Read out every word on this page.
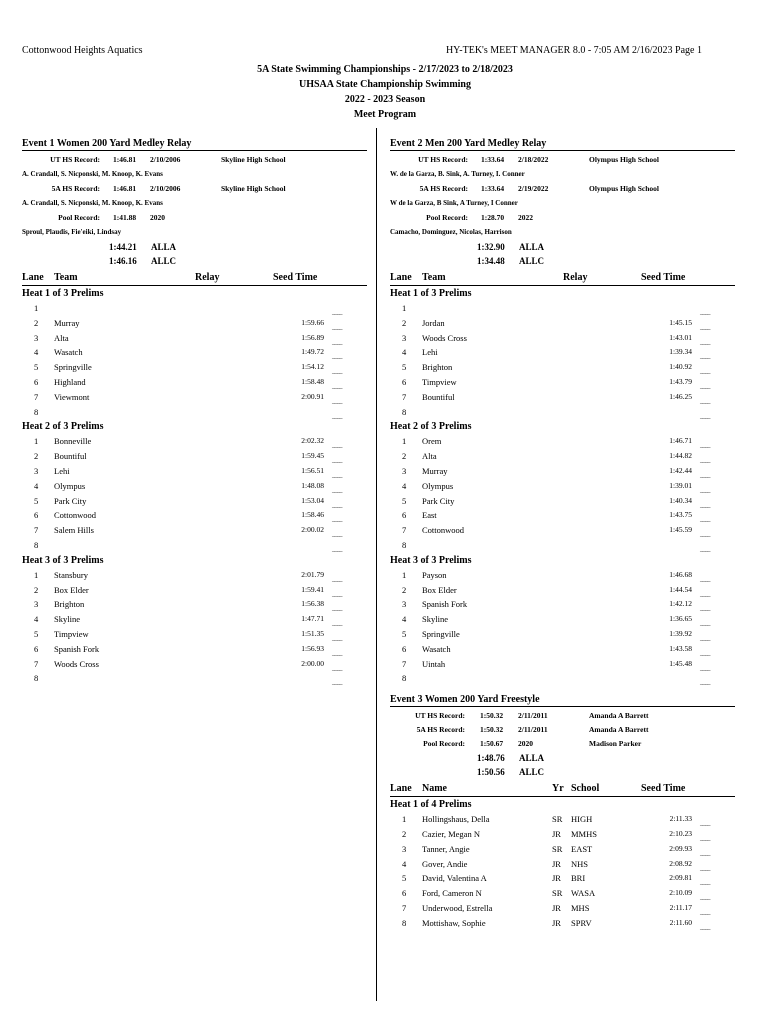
Cottonwood Heights Aquatics	HY-TEK's MEET MANAGER 8.0 - 7:05 AM 2/16/2023 Page 1
5A State Swimming Championships - 2/17/2023 to 2/18/2023
UHSAA State Championship Swimming
2022 - 2023 Season
Meet Program
Event 1 Women 200 Yard Medley Relay
UT HS Record: 1:46.81 2/10/2006	Skyline High School
A. Crandall, S. Nicponski, M. Knoop, K. Evans
5A HS Record: 1:46.81 2/10/2006	Skyline High School
A. Crandall, S. Nicponski, M. Knoop, K. Evans
Pool Record: 1:41.88 2020
Sproul, Plaudis, Fie'eiki, Lindsay
1:44.21 ALLA
1:46.16 ALLC
Lane Team	Relay	Seed Time
Heat 1 of 3 Prelims
1
____
2 Murray	1:59.66
____
3 Alta	1:56.89
____
4 Wasatch	1:49.72
____
5 Springville	1:54.12
____
6 Highland	1:58.48
____
7 Viewmont	2:00.91
____
8
____
Heat 2 of 3 Prelims
1 Bonneville	2:02.32
____
2 Bountiful	1:59.45
____
3 Lehi	1:56.51
____
4 Olympus	1:48.08
____
5 Park City	1:53.04
____
6 Cottonwood	1:58.46
____
7 Salem Hills	2:00.02
____
8
____
Heat 3 of 3 Prelims
1 Stansbury	2:01.79
____
2 Box Elder	1:59.41
____
3 Brighton	1:56.38
____
4 Skyline	1:47.71
____
5 Timpview	1:51.35
____
6 Spanish Fork	1:56.93
____
7 Woods Cross	2:00.00
____
8
____
Event 2 Men 200 Yard Medley Relay
UT HS Record: 1:33.64 2/18/2022	Olympus High School
W. de la Garza, B. Sink, A. Turney, I. Conner
5A HS Record: 1:33.64 2/19/2022	Olympus High School
W de la Garza, B Sink, A Turney, I Conner
Pool Record: 1:28.70 2022
Camacho, Dominguez, Nicolas, Harrison
1:32.90 ALLA
1:34.48 ALLC
Lane Team	Relay	Seed Time
Heat 1 of 3 Prelims
1
____
2 Jordan	1:45.15
____
3 Woods Cross	1:43.01
____
4 Lehi	1:39.34
____
5 Brighton	1:40.92
____
6 Timpview	1:43.79
____
7 Bountiful	1:46.25
____
8
____
Heat 2 of 3 Prelims
1 Orem	1:46.71
____
2 Alta	1:44.82
____
3 Murray	1:42.44
____
4 Olympus	1:39.01
____
5 Park City	1:40.34
____
6 East	1:43.75
____
7 Cottonwood	1:45.59
____
8
____
Heat 3 of 3 Prelims
1 Payson	1:46.68
____
2 Box Elder	1:44.54
____
3 Spanish Fork	1:42.12
____
4 Skyline	1:36.65
____
5 Springville	1:39.92
____
6 Wasatch	1:43.58
____
7 Uintah	1:45.48
____
8
____
Event 3 Women 200 Yard Freestyle
UT HS Record: 1:50.32 2/11/2011	Amanda A Barrett
5A HS Record: 1:50.32 2/11/2011	Amanda A Barrett
Pool Record: 1:50.67 2020	Madison Parker
1:48.76 ALLA
1:50.56 ALLC
Lane Name	Yr School	Seed Time
Heat 1 of 4 Prelims
1 Hollingshaus, Della	SR HIGH	2:11.33
____
2 Cazier, Megan N	JR MMHS	2:10.23
____
3 Tanner, Angie	SR EAST	2:09.93
____
4 Gover, Andie	JR NHS	2:08.92
____
5 David, Valentina A	JR BRI	2:09.81
____
6 Ford, Cameron N	SR WASA	2:10.09
____
7 Underwood, Estrella	JR MHS	2:11.17
____
8 Mottishaw, Sophie	JR SPRV	2:11.60
____
